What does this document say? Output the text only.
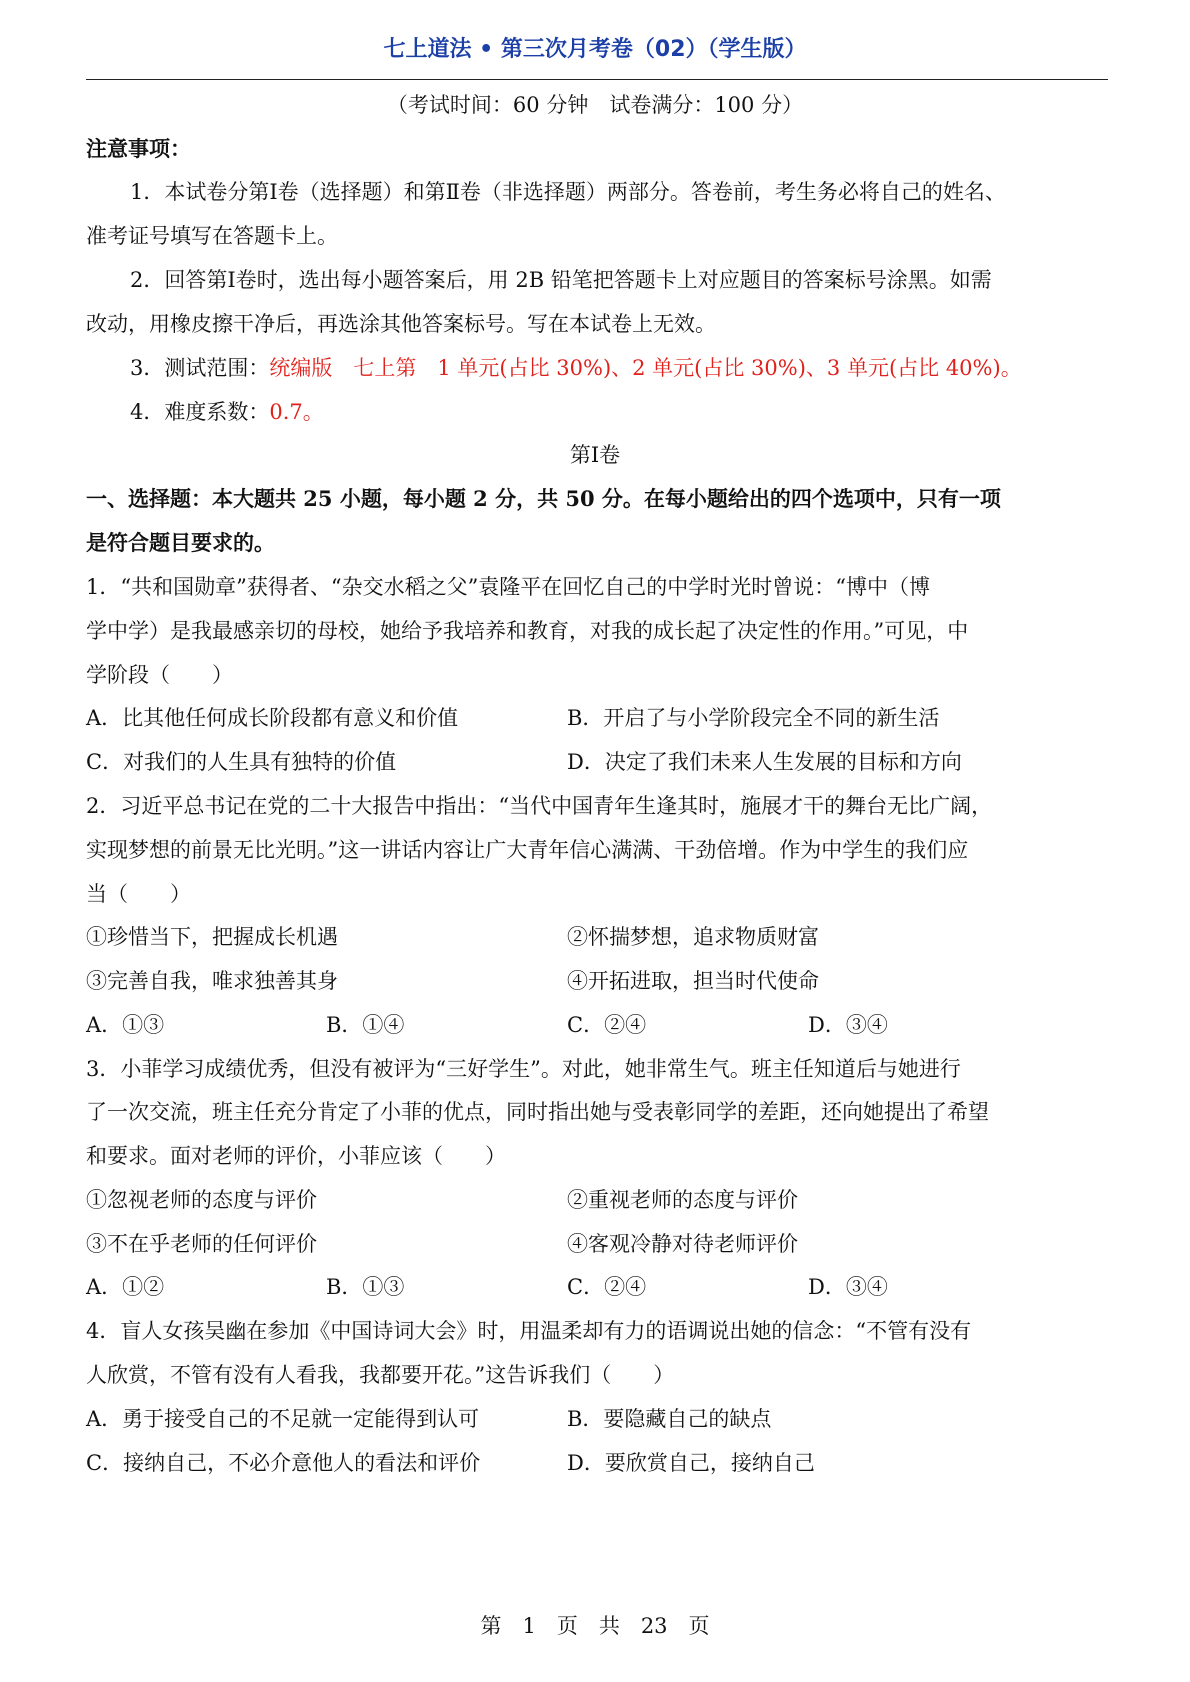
七上道法 • 第三次月考卷（02）（学生版）
（考试时间：60 分钟　试卷满分：100 分）
注意事项：
1．本试卷分第Ⅰ卷（选择题）和第Ⅱ卷（非选择题）两部分。答卷前，考生务必将自己的姓名、
准考证号填写在答题卡上。
2．回答第Ⅰ卷时，选出每小题答案后，用 2B 铅笔把答题卡上对应题目的答案标号涂黑。如需
改动，用橡皮擦干净后，再选涂其他答案标号。写在本试卷上无效。
3．测试范围：统编版　七上第　1 单元(占比 30%)、2 单元(占比 30%)、3 单元(占比 40%)。
4．难度系数：0.7。
第Ⅰ卷
一、选择题：本大题共 25 小题，每小题 2 分，共 50 分。在每小题给出的四个选项中，只有一项
是符合题目要求的。
1．“共和国勋章”获得者、“杂交水稻之父”袁隆平在回忆自己的中学时光时曾说：“博中（博
学中学）是我最感亲切的母校，她给予我培养和教育，对我的成长起了决定性的作用。”可见，中
学阶段（　　）
A．比其他任何成长阶段都有意义和价值	B．开启了与小学阶段完全不同的新生活
C．对我们的人生具有独特的价值	D．决定了我们未来人生发展的目标和方向
2．习近平总书记在党的二十大报告中指出：“当代中国青年生逢其时，施展才干的舞台无比广阔，
实现梦想的前景无比光明。”这一讲话内容让广大青年信心满满、干劲倍增。作为中学生的我们应
当（　　）
①珍惜当下，把握成长机遇	②怀揣梦想，追求物质财富
③完善自我，唯求独善其身	④开拓进取，担当时代使命
A．①③	B．①④	C．②④	D．③④
3．小菲学习成绩优秀，但没有被评为“三好学生”。对此，她非常生气。班主任知道后与她进行
了一次交流，班主任充分肯定了小菲的优点，同时指出她与受表彰同学的差距，还向她提出了希望
和要求。面对老师的评价，小菲应该（　　）
①忽视老师的态度与评价	②重视老师的态度与评价
③不在乎老师的任何评价	④客观冷静对待老师评价
A．①②	B．①③	C．②④	D．③④
4．盲人女孩吴幽在参加《中国诗词大会》时，用温柔却有力的语调说出她的信念：“不管有没有
人欣赏，不管有没有人看我，我都要开花。”这告诉我们（　　）
A．勇于接受自己的不足就一定能得到认可	B．要隐藏自己的缺点
C．接纳自己，不必介意他人的看法和评价	D．要欣赏自己，接纳自己
第　1　页　共　23　页
